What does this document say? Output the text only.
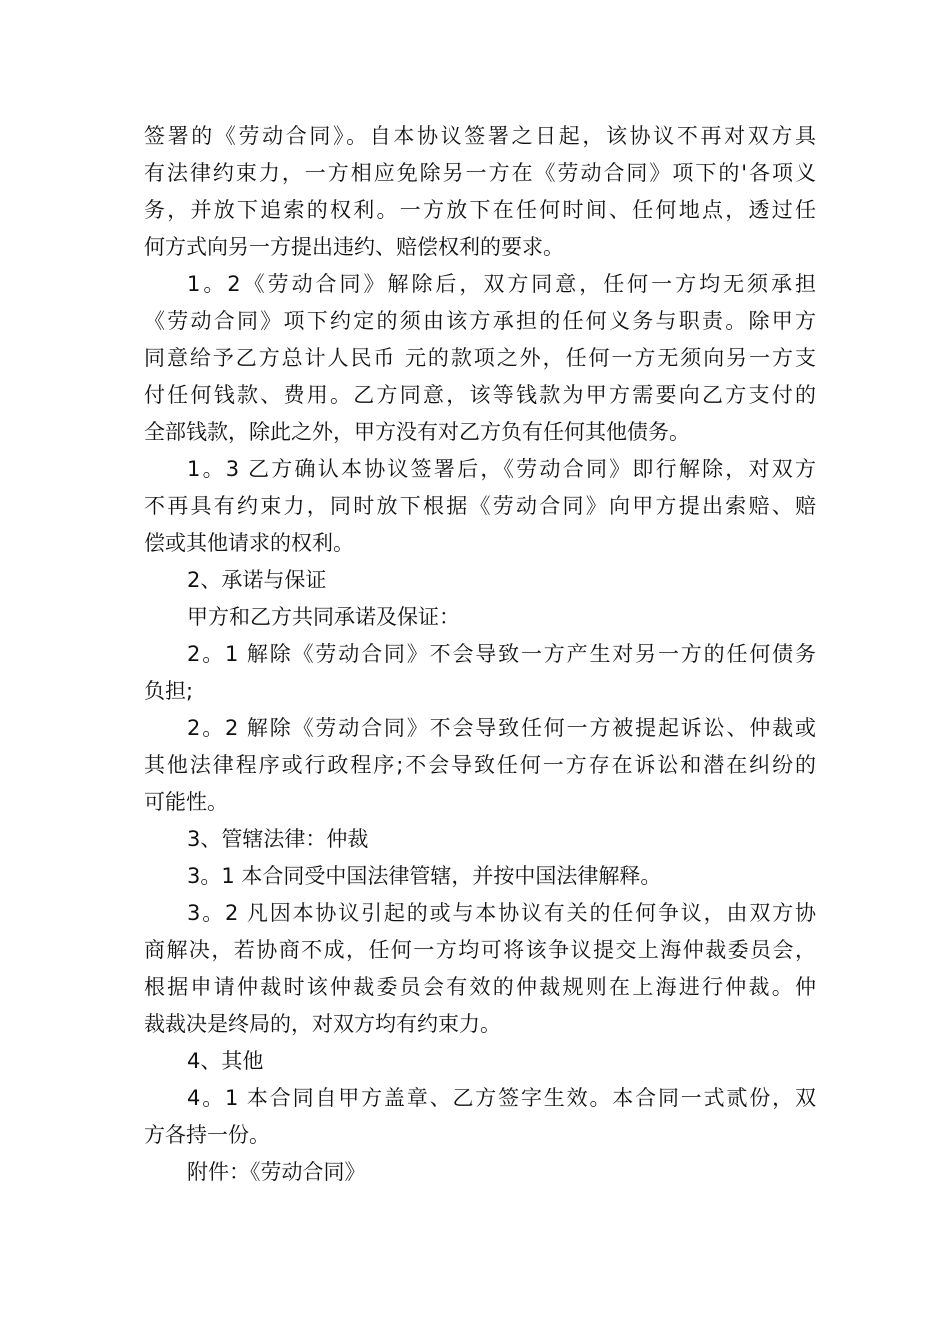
签署的《劳动合同》。自本协议签署之日起，该协议不再对双方具
有法律约束力，一方相应免除另一方在《劳动合同》项下的'各项义
务，并放下追索的权利。一方放下在任何时间、任何地点，透过任
何方式向另一方提出违约、赔偿权利的要求。
1。2《劳动合同》解除后，双方同意，任何一方均无须承担
《劳动合同》项下约定的须由该方承担的任何义务与职责。除甲方
同意给予乙方总计人民币 元的款项之外，任何一方无须向另一方支
付任何钱款、费用。乙方同意，该等钱款为甲方需要向乙方支付的
全部钱款，除此之外，甲方没有对乙方负有任何其他债务。
1。3 乙方确认本协议签署后，《劳动合同》即行解除，对双方
不再具有约束力，同时放下根据《劳动合同》向甲方提出索赔、赔
偿或其他请求的权利。
2、承诺与保证
甲方和乙方共同承诺及保证：
2。1 解除《劳动合同》不会导致一方产生对另一方的任何债务
负担;
2。2 解除《劳动合同》不会导致任何一方被提起诉讼、仲裁或
其他法律程序或行政程序;不会导致任何一方存在诉讼和潜在纠纷的
可能性。
3、管辖法律：仲裁
3。1 本合同受中国法律管辖，并按中国法律解释。
3。2 凡因本协议引起的或与本协议有关的任何争议，由双方协
商解决，若协商不成，任何一方均可将该争议提交上海仲裁委员会，
根据申请仲裁时该仲裁委员会有效的仲裁规则在上海进行仲裁。仲
裁裁决是终局的，对双方均有约束力。
4、其他
4。1 本合同自甲方盖章、乙方签字生效。本合同一式贰份，双
方各持一份。
附件：《劳动合同》
